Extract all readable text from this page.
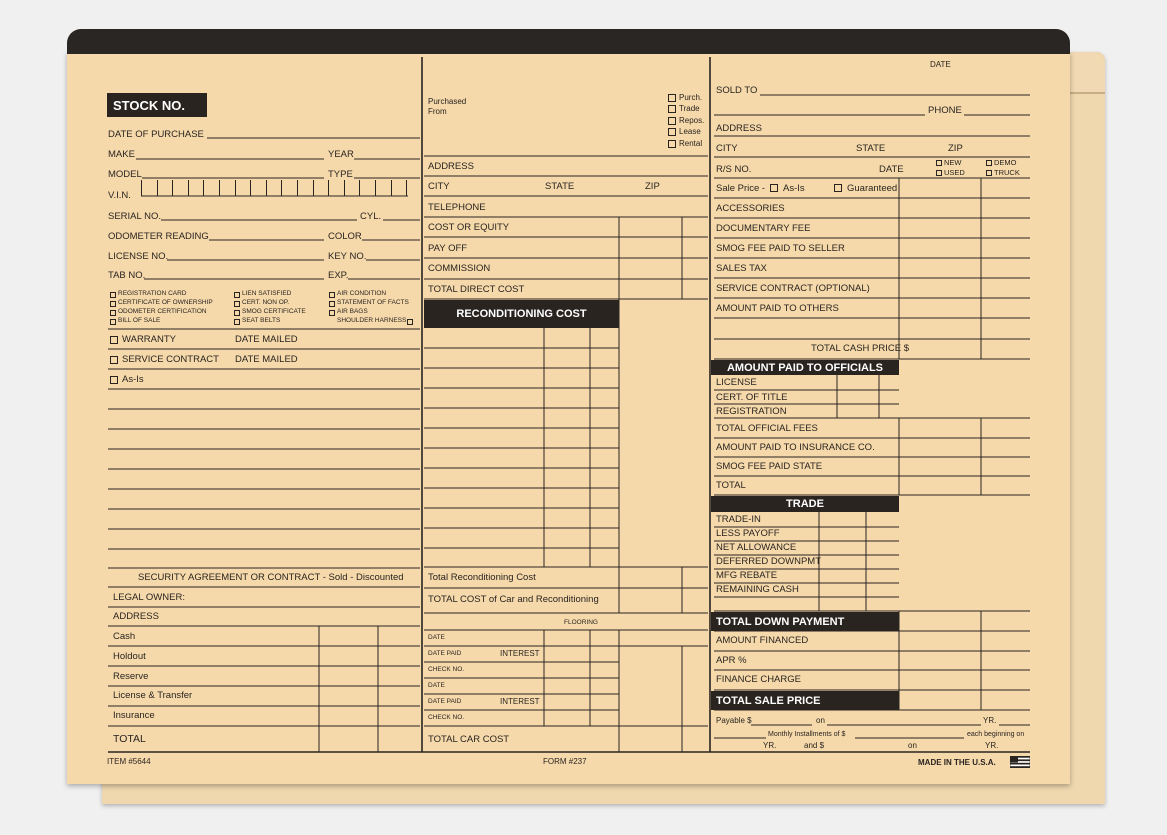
STOCK NO.
DATE OF PURCHASE
MAKE	YEAR
MODEL	TYPE
V.I.N.
SERIAL NO.	CYL.
ODOMETER READING	COLOR
LICENSE NO.	KEY NO.
TAB NO.	EXP.
REGISTRATION CARD
CERTIFICATE OF OWNERSHIP
ODOMETER CERTIFICATION
BILL OF SALE
LIEN SATISFIED
CERT. NON OP.
SMOG CERTIFICATE
SEAT BELTS
AIR CONDITION
STATEMENT OF FACTS
AIR BAGS
SHOULDER HARNESS
WARRANTY	DATE MAILED
SERVICE CONTRACT DATE MAILED
As-Is
SECURITY AGREEMENT OR CONTRACT - Sold - Discounted
LEGAL OWNER:
ADDRESS
Cash
Holdout
Reserve
License & Transfer
Insurance
TOTAL
ITEM #5644
Purchased
From
Purch.
Trade
Repos.
Lease
Rental
ADDRESS
CITY	STATE	ZIP
TELEPHONE
COST OR EQUITY
PAY OFF
COMMISSION
TOTAL DIRECT COST
RECONDITIONING COST
Total Reconditioning Cost
TOTAL COST of Car and Reconditioning
FLOORING
DATE
DATE PAID	INTEREST
CHECK NO.
DATE
DATE PAID	INTEREST
CHECK NO.
TOTAL CAR COST
FORM #237
DATE
SOLD TO
PHONE
ADDRESS
CITY	STATE	ZIP
R/S NO.	DATE
NEW
USED
DEMO
TRUCK
Sale Price - As-Is	Guaranteed
ACCESSORIES
DOCUMENTARY FEE
SMOG FEE PAID TO SELLER
SALES TAX
SERVICE CONTRACT (OPTIONAL)
AMOUNT PAID TO OTHERS
TOTAL CASH PRICE $
AMOUNT PAID TO OFFICIALS
LICENSE
CERT. OF TITLE
REGISTRATION
TOTAL OFFICIAL FEES
AMOUNT PAID TO INSURANCE CO.
SMOG FEE PAID STATE
TOTAL
TRADE
TRADE-IN
LESS PAYOFF
NET ALLOWANCE
DEFERRED DOWNPMT
MFG REBATE
REMAINING CASH
TOTAL DOWN PAYMENT
AMOUNT FINANCED
APR %
FINANCE CHARGE
TOTAL SALE PRICE
Payable $	on	YR.
Monthly Installments of $	each beginning on
YR.	and $	on	YR.
MADE IN THE U.S.A.
